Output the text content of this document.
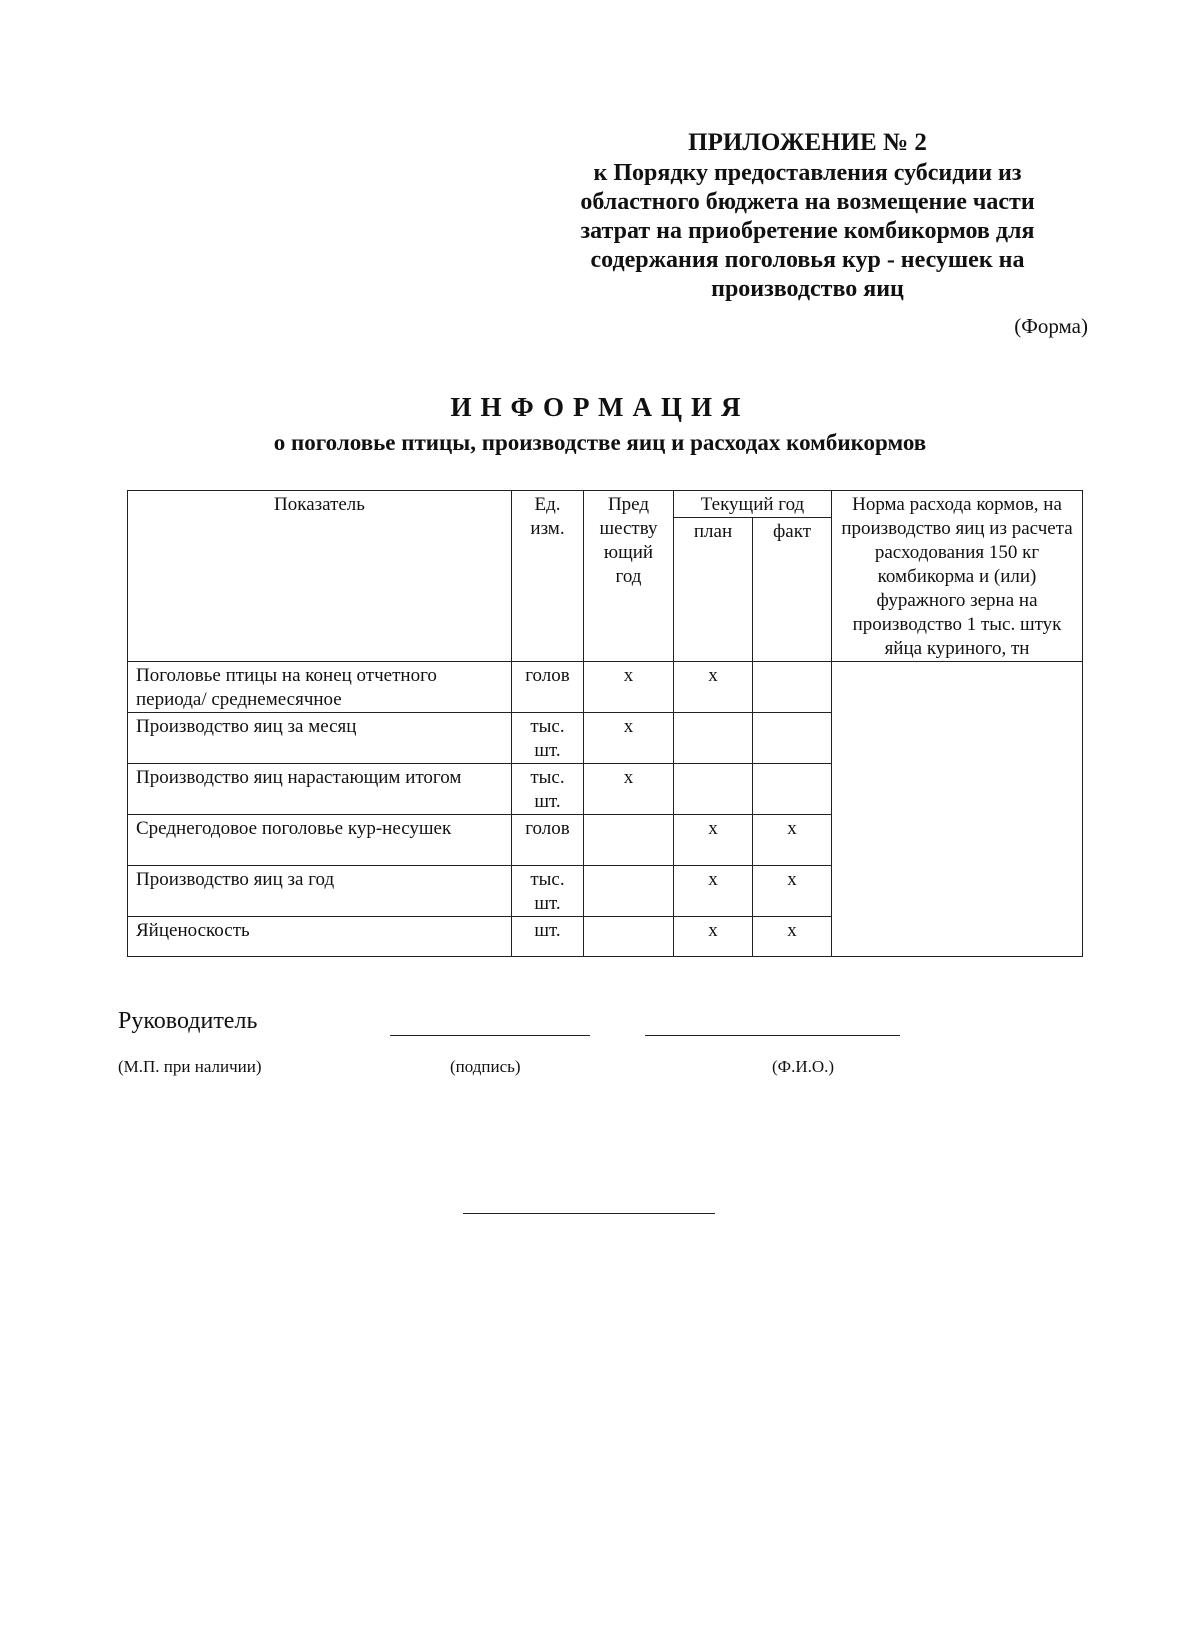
ПРИЛОЖЕНИЕ № 2
к Порядку предоставления субсидии из
областного бюджета на возмещение части
затрат на приобретение комбикормов для
содержания поголовья кур - несушек на
производство яиц
(Форма)
ИНФОРМАЦИЯ
о поголовье птицы, производстве яиц и расходах комбикормов
Показатель	Ед. изм.	Пред шеству ющий год	Текущий год		Норма расхода кормов, на производство яиц из расчета расходования 150 кг комбикорма и (или) фуражного зерна на производство 1 тыс. штук яйца куриного, тн
			план	факт	
Поголовье птицы на конец отчетного периода/ среднемесячное	голов	x	x		
Производство яиц за месяц	тыс. шт.	x			
Производство яиц нарастающим итогом	тыс. шт.	x			
Среднегодовое поголовье кур-несушек	голов		x	x	
Производство яиц за год	тыс. шт.		x	x	
Яйценоскость	шт.		x	x	
Руководитель
(М.П. при наличии)	(подпись)	(Ф.И.О.)
